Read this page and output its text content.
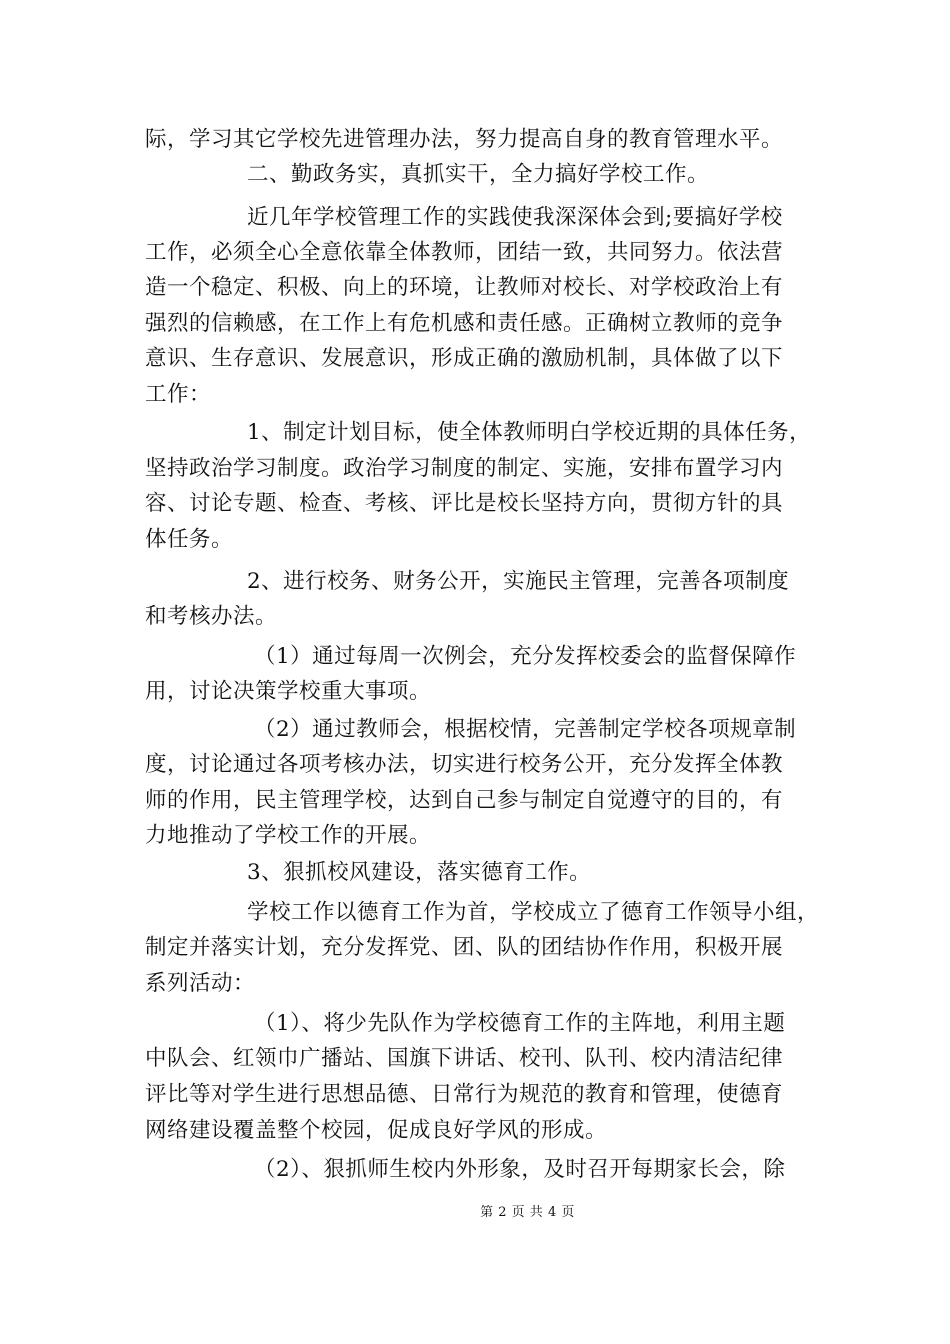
际，学习其它学校先进管理办法，努力提高自身的教育管理水平。
二、勤政务实，真抓实干，全力搞好学校工作。
近几年学校管理工作的实践使我深深体会到;要搞好学校
工作，必须全心全意依靠全体教师，团结一致，共同努力。依法营
造一个稳定、积极、向上的环境，让教师对校长、对学校政治上有
强烈的信赖感，在工作上有危机感和责任感。正确树立教师的竞争
意识、生存意识、发展意识，形成正确的激励机制，具体做了以下
工作：
1、制定计划目标，使全体教师明白学校近期的具体任务，
坚持政治学习制度。政治学习制度的制定、实施，安排布置学习内
容、讨论专题、检查、考核、评比是校长坚持方向，贯彻方针的具
体任务。
2、进行校务、财务公开，实施民主管理，完善各项制度
和考核办法。
（1）通过每周一次例会，充分发挥校委会的监督保障作
用，讨论决策学校重大事项。
（2）通过教师会，根据校情，完善制定学校各项规章制
度，讨论通过各项考核办法，切实进行校务公开，充分发挥全体教
师的作用，民主管理学校，达到自己参与制定自觉遵守的目的，有
力地推动了学校工作的开展。
3、狠抓校风建设，落实德育工作。
学校工作以德育工作为首，学校成立了德育工作领导小组，
制定并落实计划，充分发挥党、团、队的团结协作作用，积极开展
系列活动：
（1）、将少先队作为学校德育工作的主阵地，利用主题
中队会、红领巾广播站、国旗下讲话、校刊、队刊、校内清洁纪律
评比等对学生进行思想品德、日常行为规范的教育和管理，使德育
网络建设覆盖整个校园，促成良好学风的形成。
（2）、狠抓师生校内外形象，及时召开每期家长会，除
第 2 页 共 4 页
